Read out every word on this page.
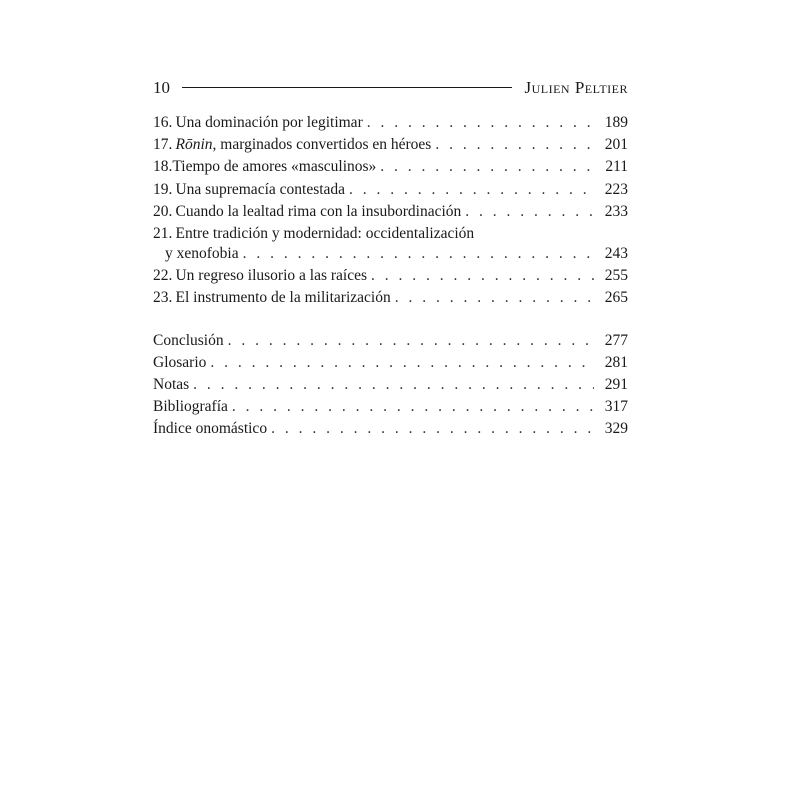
10	Julien Peltier
16.  Una dominación por legitimar . . .	189
17.  Rōnin, marginados convertidos en héroes . . .	201
18.Tiempo de amores «masculinos» . . .	211
19.  Una supremacía contestada . . .	223
20.  Cuando la lealtad rima con la insubordinación . . .	233
21.  Entre tradición y modernidad: occidentalización
y xenofobia . . .	243
22.  Un regreso ilusorio a las raíces . . .	255
23.  El instrumento de la militarización . . .	265
Conclusión . . .	277
Glosario . . .	281
Notas . . .	291
Bibliografía . . .	317
Índice onomástico . . .	329
